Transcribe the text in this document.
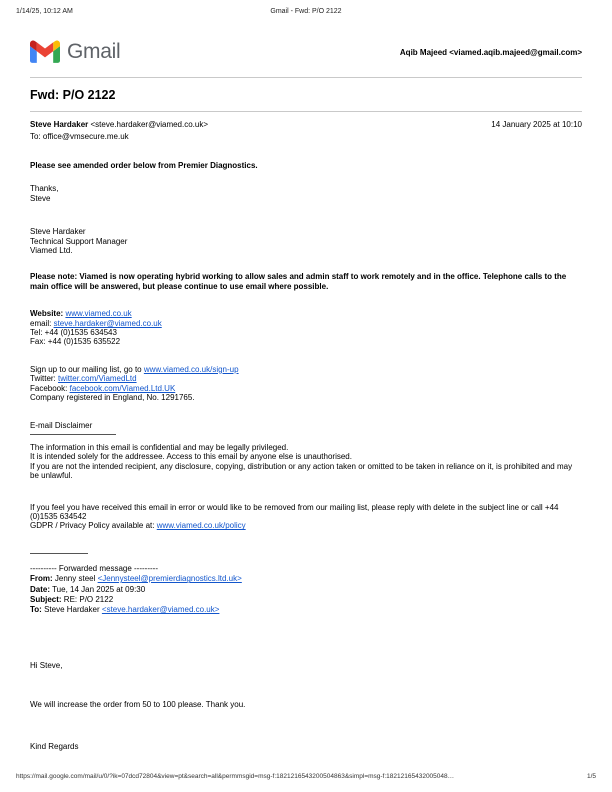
1/14/25, 10:12 AM	Gmail - Fwd: P/O 2122
Gmail	Aqib Majeed <viamed.aqib.majeed@gmail.com>
Fwd: P/O 2122
Steve Hardaker <steve.hardaker@viamed.co.uk>	14 January 2025 at 10:10
To: office@vmsecure.me.uk

Please see amended order below from Premier Diagnostics.

Thanks,

Steve

Steve Hardaker

Technical Support Manager

Viamed Ltd.

Please note: Viamed is now operating hybrid working to allow sales and admin staff to work remotely and in the office. Telephone calls to the main office will be answered, but please continue to use email where possible.

Website: www.viamed.co.uk

email: steve.hardaker@viamed.co.uk

Tel: +44 (0)1535 634543

Fax: +44 (0)1535 635522

Sign up to our mailing list, go to www.viamed.co.uk/sign-up

Twitter: twitter.com/ViamedLtd

Facebook: facebook.com/Viamed.Ltd.UK

Company registered in England, No. 1291765.

E-mail Disclaimer

The information in this email is confidential and may be legally privileged.

It is intended solely for the addressee. Access to this email by anyone else is unauthorised.

If you are not the intended recipient, any disclosure, copying, distribution or any action taken or omitted to be taken in reliance on it, is prohibited and may be unlawful.

If you feel you have received this email in error or would like to be removed from our mailing list, please reply with delete in the subject line or call +44 (0)1535 634542

GDPR / Privacy Policy available at: www.viamed.co.uk/policy

---------- Forwarded message ---------

From: Jenny steel <Jennysteel@premierdiagnostics.ltd.uk>

Date: Tue, 14 Jan 2025 at 09:30

Subject: RE: P/O 2122

To: Steve Hardaker <steve.hardaker@viamed.co.uk>

Hi Steve,

We will increase the order from 50 to 100 please. Thank you.

Kind Regards

https://mail.google.com/mail/u/0/?ik=07dcd72804&view=pt&search=all&permmsgid=msg-f:1821216543200504863&simpl=msg-f:18212165432005048…	1/5
